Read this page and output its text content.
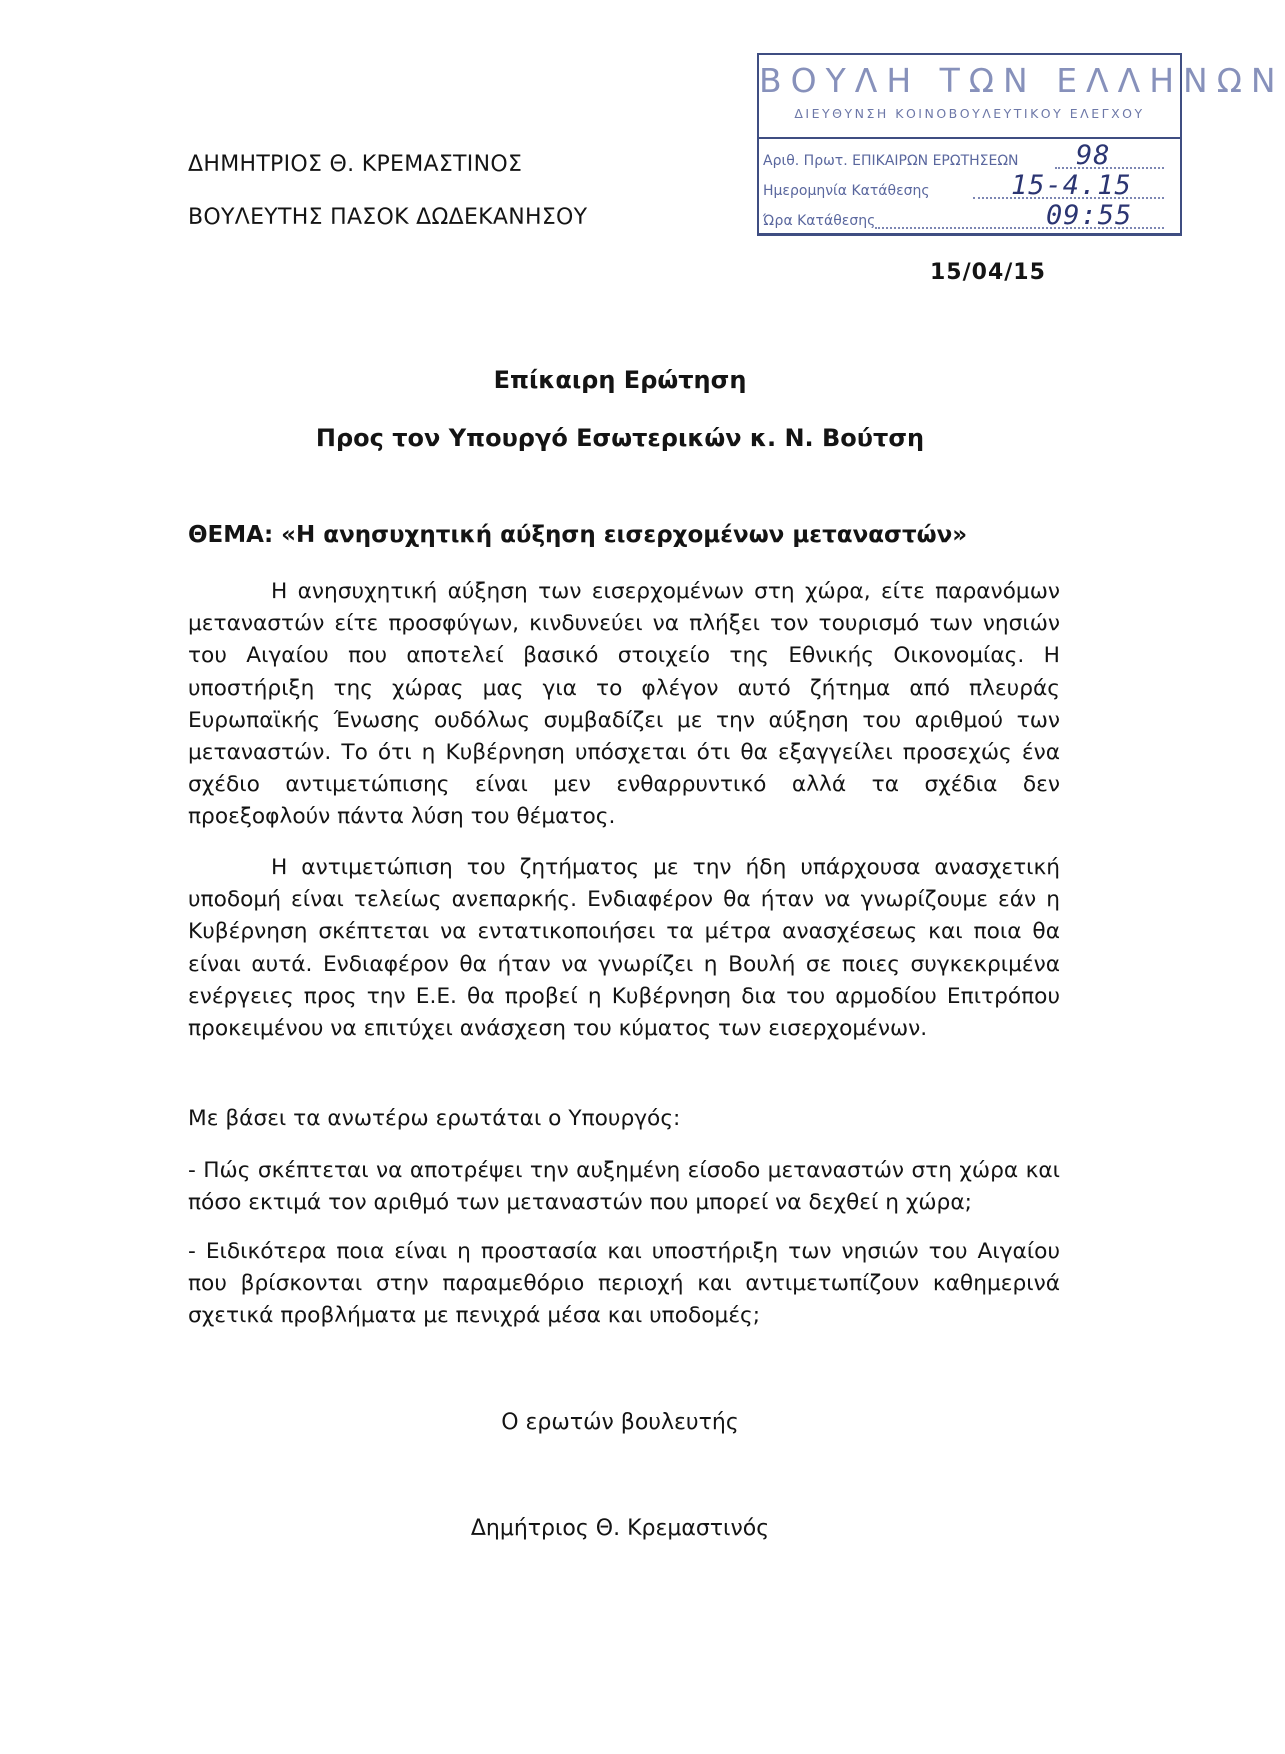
ΔΗΜΗΤΡΙΟΣ Θ. ΚΡΕΜΑΣΤΙΝΟΣ
ΒΟΥΛΕΥΤΗΣ ΠΑΣΟΚ ΔΩΔΕΚΑΝΗΣΟΥ
ΒΟΥΛΗ ΤΩΝ ΕΛΛΗΝΩΝ
ΔΙΕΥΘΥΝΣΗ ΚΟΙΝΟΒΟΥΛΕΥΤΙΚΟΥ ΕΛΕΓΧΟΥ
Αριθ. Πρωτ. ΕΠΙΚΑΙΡΩΝ ΕΡΩΤΗΣΕΩΝ 98
Ημερομηνία Κατάθεσης	15-4.15
Ώρα Κατάθεσης	09:55
15/04/15
Επίκαιρη Ερώτηση
Προς τον Υπουργό Εσωτερικών κ. Ν. Βούτση
ΘΕΜΑ: «Η ανησυχητική αύξηση εισερχομένων μεταναστών»

Η ανησυχητική αύξηση των εισερχομένων στη χώρα, είτε παρανόμων μεταναστών είτε προσφύγων, κινδυνεύει να πλήξει τον τουρισμό των νησιών του Αιγαίου που αποτελεί βασικό στοιχείο της Εθνικής Οικονομίας. Η υποστήριξη της χώρας μας για το φλέγον αυτό ζήτημα από πλευράς Ευρωπαϊκής Ένωσης ουδόλως συμβαδίζει με την αύξηση του αριθμού των μεταναστών. Το ότι η Κυβέρνηση υπόσχεται ότι θα εξαγγείλει προσεχώς ένα σχέδιο αντιμετώπισης είναι μεν ενθαρρυντικό αλλά τα σχέδια δεν προεξοφλούν πάντα λύση του θέματος.

Η αντιμετώπιση του ζητήματος με την ήδη υπάρχουσα ανασχετική υποδομή είναι τελείως ανεπαρκής. Ενδιαφέρον θα ήταν να γνωρίζουμε εάν η Κυβέρνηση σκέπτεται να εντατικοποιήσει τα μέτρα ανασχέσεως και ποια θα είναι αυτά. Ενδιαφέρον θα ήταν να γνωρίζει η Βουλή σε ποιες συγκεκριμένα ενέργειες προς την Ε.Ε. θα προβεί η Κυβέρνηση δια του αρμοδίου Επιτρόπου προκειμένου να επιτύχει ανάσχεση του κύματος των εισερχομένων.

Με βάσει τα ανωτέρω ερωτάται ο Υπουργός:

- Πώς σκέπτεται να αποτρέψει την αυξημένη είσοδο μεταναστών στη χώρα και πόσο εκτιμά τον αριθμό των μεταναστών που μπορεί να δεχθεί η χώρα;

- Ειδικότερα ποια είναι η προστασία και υποστήριξη των νησιών του Αιγαίου που βρίσκονται στην παραμεθόριο περιοχή και αντιμετωπίζουν καθημερινά σχετικά προβλήματα με πενιχρά μέσα και υποδομές;

Ο ερωτών βουλευτής
Δημήτριος Θ. Κρεμαστινός
